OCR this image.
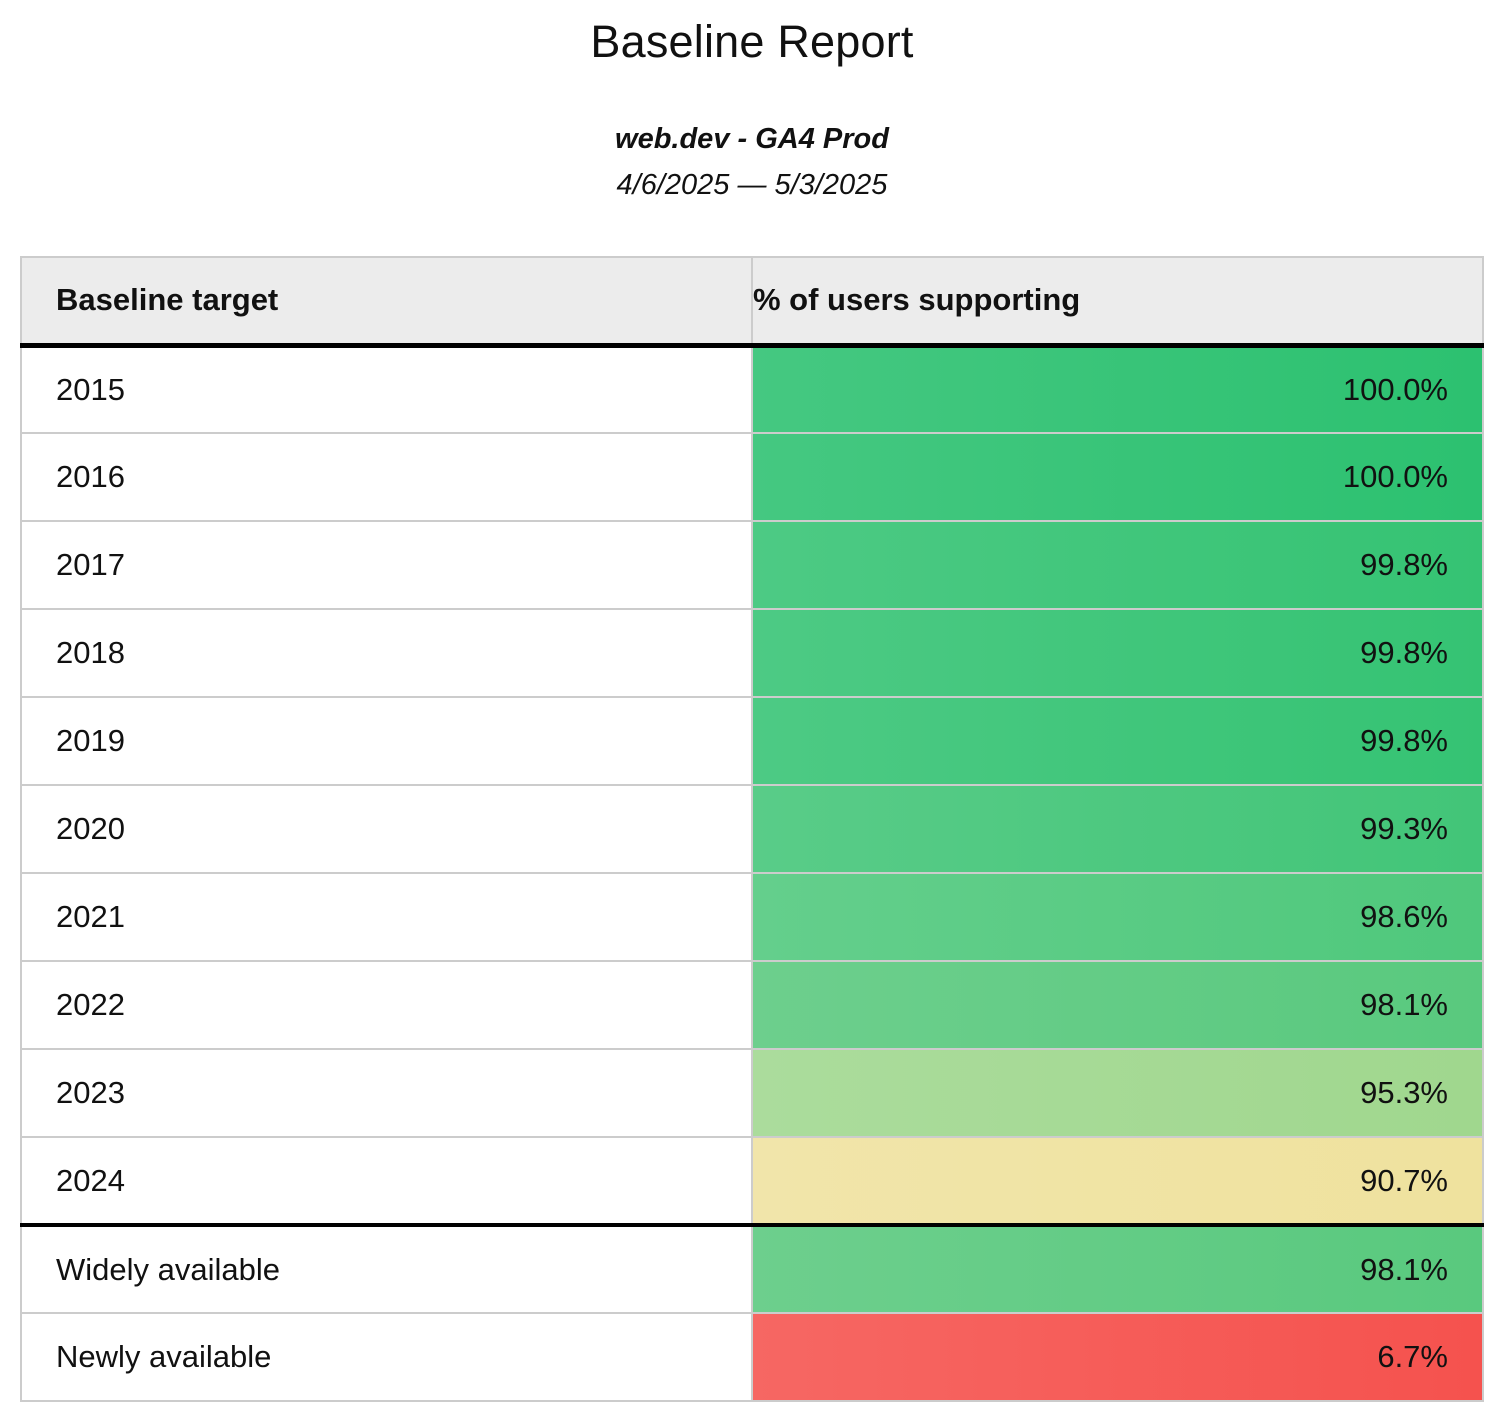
Baseline Report
web.dev - GA4 Prod
4/6/2025 — 5/3/2025
Baseline target	% of users supporting
2015	100.0%
2016	100.0%
2017	99.8%
2018	99.8%
2019	99.8%
2020	99.3%
2021	98.6%
2022	98.1%
2023	95.3%
2024	90.7%
Widely available	98.1%
Newly available	6.7%
